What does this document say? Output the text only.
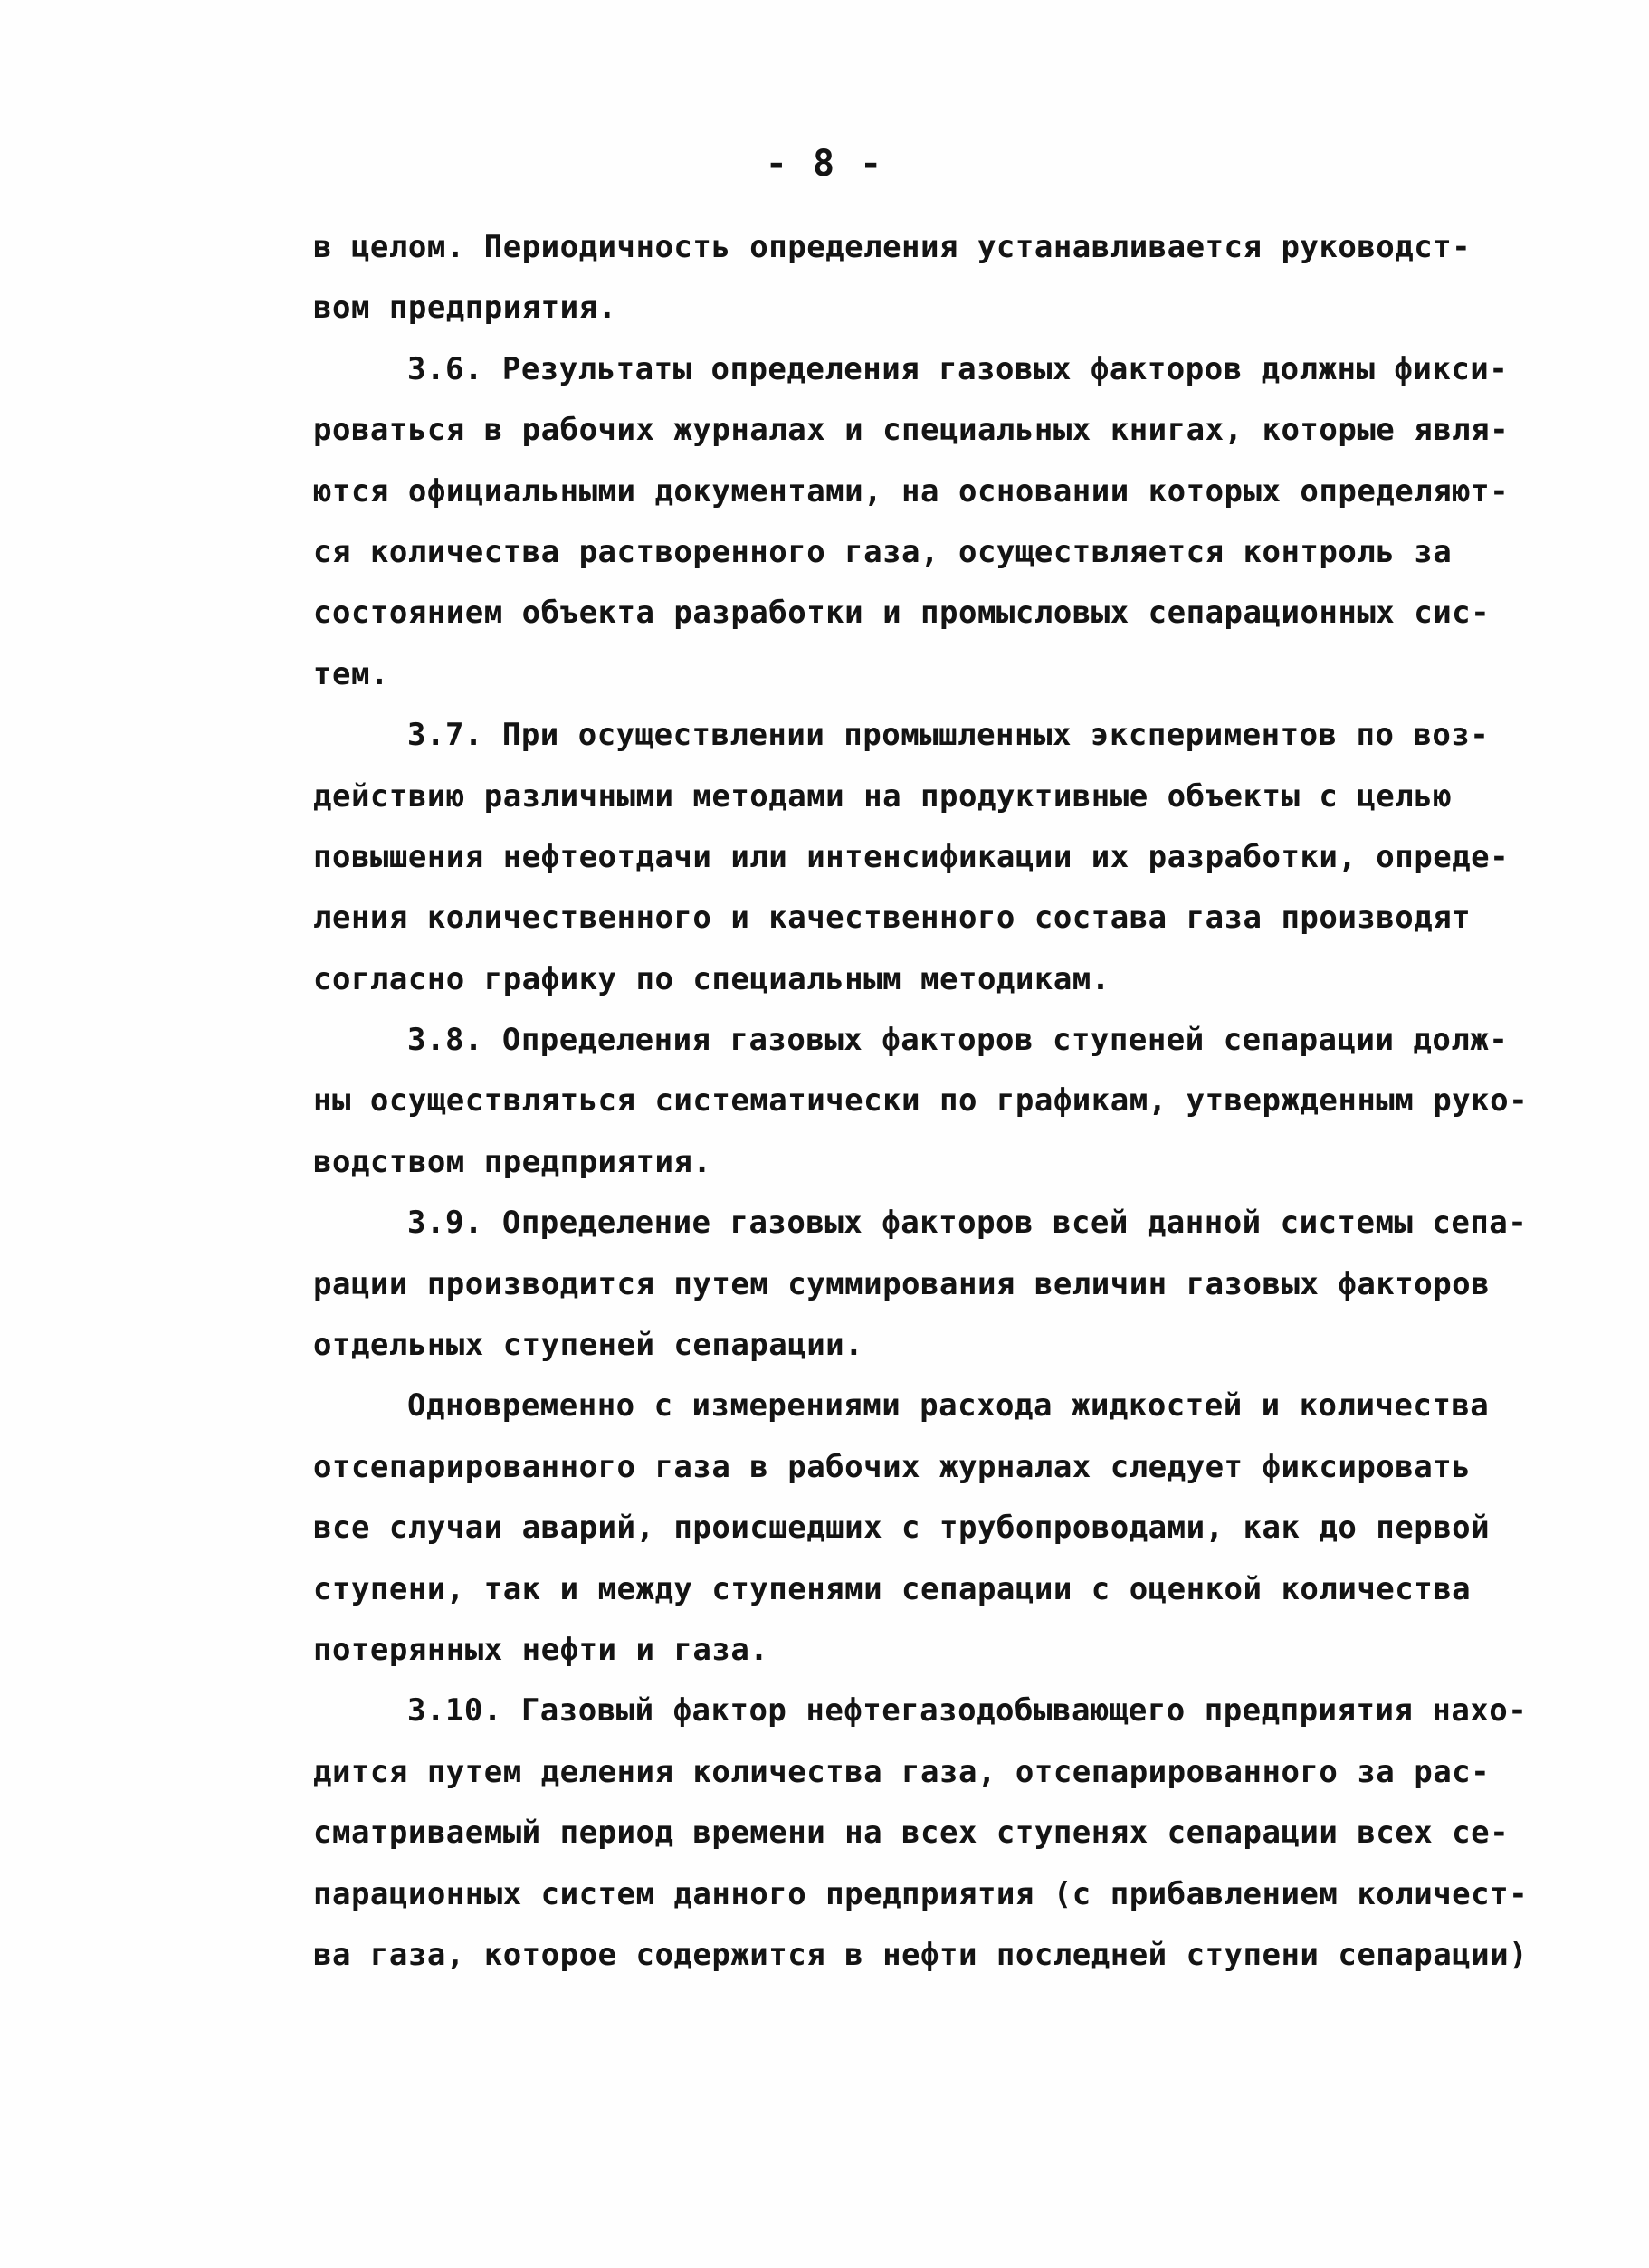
- 8 -
в целом. Периодичность определения устанавливается руководст-
вом предприятия.
3.6. Результаты определения газовых факторов должны фикси-
роваться в рабочих журналах и специальных книгах, которые явля-
ются официальными документами, на основании которых определяют-
ся количества растворенного газа, осуществляется контроль за
состоянием объекта разработки и промысловых сепарационных сис-
тем.
3.7. При осуществлении промышленных экспериментов по воз-
действию различными методами на продуктивные объекты с целью
повышения нефтеотдачи или интенсификации их разработки, опреде-
ления количественного и качественного состава газа производят
согласно графику по специальным методикам.
3.8. Определения газовых факторов ступеней сепарации долж-
ны осуществляться систематически по графикам, утвержденным руко-
водством предприятия.
3.9. Определение газовых факторов всей данной системы сепа-
рации производится путем суммирования величин газовых факторов
отдельных ступеней сепарации.
Одновременно с измерениями расхода жидкостей и количества
отсепарированного газа в рабочих журналах следует фиксировать
все случаи аварий, происшедших с трубопроводами, как до первой
ступени, так и между ступенями сепарации с оценкой количества
потерянных нефти и газа.
3.10. Газовый фактор нефтегазодобывающего предприятия нахо-
дится путем деления количества газа, отсепарированного за рас-
сматриваемый период времени на всех ступенях сепарации всех се-
парационных систем данного предприятия (с прибавлением количест-
ва газа, которое содержится в нефти последней ступени сепарации)
